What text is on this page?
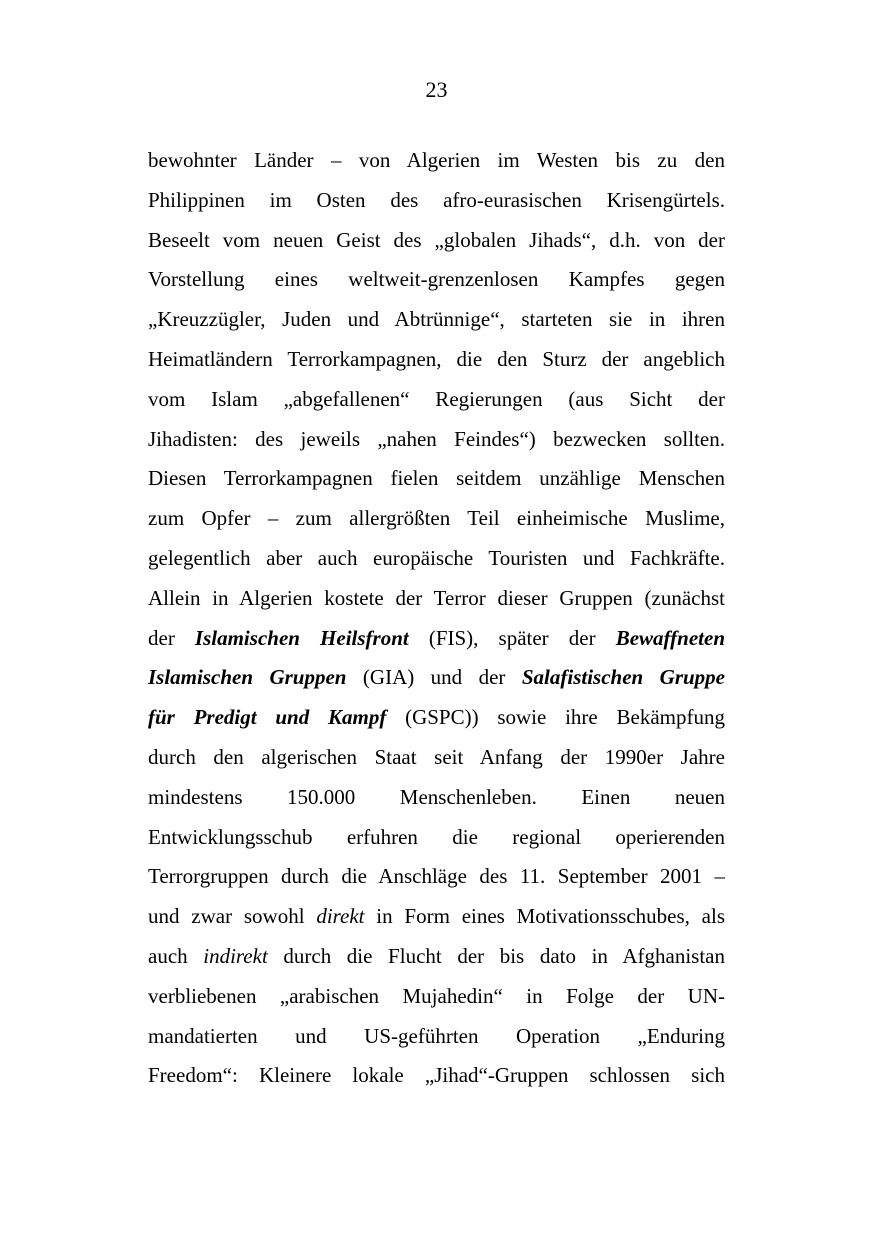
23
bewohnter Länder – von Algerien im Westen bis zu den
Philippinen im Osten des afro-eurasischen Krisengürtels.
Beseelt vom neuen Geist des „globalen Jihads“, d.h. von der
Vorstellung eines weltweit-grenzenlosen Kampfes gegen
„Kreuzzügler, Juden und Abtrünnige“, starteten sie in ihren
Heimatländern Terrorkampagnen, die den Sturz der angeblich
vom Islam „abgefallenen“ Regierungen (aus Sicht der
Jihadisten: des jeweils „nahen Feindes“) bezwecken sollten.
Diesen Terrorkampagnen fielen seitdem unzählige Menschen
zum Opfer – zum allergrößten Teil einheimische Muslime,
gelegentlich aber auch europäische Touristen und Fachkräfte.
Allein in Algerien kostete der Terror dieser Gruppen (zunächst
der Islamischen Heilsfront (FIS), später der Bewaffneten
Islamischen Gruppen (GIA) und der Salafistischen Gruppe
für Predigt und Kampf (GSPC)) sowie ihre Bekämpfung
durch den algerischen Staat seit Anfang der 1990er Jahre
mindestens 150.000 Menschenleben. Einen neuen
Entwicklungsschub erfuhren die regional operierenden
Terrorgruppen durch die Anschläge des 11. September 2001 –
und zwar sowohl direkt in Form eines Motivationsschubes, als
auch indirekt durch die Flucht der bis dato in Afghanistan
verbliebenen „arabischen Mujahedin“ in Folge der UN-
mandatierten und US-geführten Operation „Enduring
Freedom“: Kleinere lokale „Jihad“-Gruppen schlossen sich
